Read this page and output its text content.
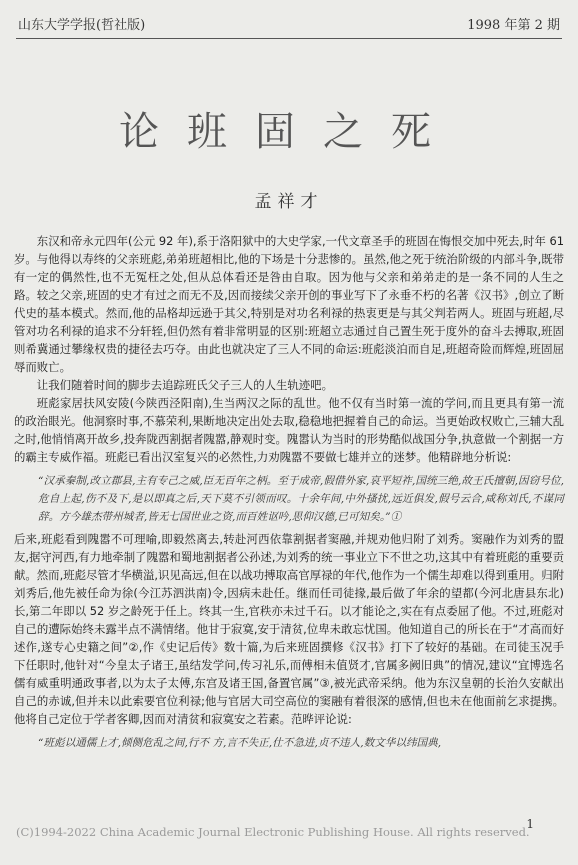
山东大学学报(哲社版)	1998 年第 2 期
论班固之死
孟祥才

东汉和帝永元四年(公元 92 年),系于洛阳狱中的大史学家,一代文章圣手的班固在悔恨交加中死去,时年 61 岁。与他得以寿终的父亲班彪,弟弟班超相比,他的下场是十分悲惨的。虽然,他之死于统治阶级的内部斗争,既带有一定的偶然性,也不无冤枉之处,但从总体看还是咎由自取。因为他与父亲和弟弟走的是一条不同的人生之路。较之父亲,班固的史才有过之而无不及,因而接续父亲开创的事业写下了永垂不朽的名著《汉书》,创立了断代史的基本模式。然而,他的品格却远逊于其父,特别是对功名利禄的热衷更是与其父判若两人。班固与班超,尽管对功名利禄的追求不分轩轾,但仍然有着非常明显的区别:班超立志通过自己置生死于度外的奋斗去搏取,班固则希冀通过攀缘权贵的捷径去巧夺。由此也就决定了三人不同的命运:班彪淡泊而自足,班超奇险而辉煌,班固屈辱而败亡。

让我们随着时间的脚步去追踪班氏父子三人的人生轨迹吧。

班彪家居扶风安陵(今陕西泾阳南),生当两汉之际的乱世。他不仅有当时第一流的学问,而且更具有第一流的政治眼光。他洞察时事,不慕荣利,果断地决定出处去取,稳稳地把握着自己的命运。当更始政权败亡,三辅大乱之时,他悄悄离开故乡,投奔陇西割据者隗嚣,静观时变。隗嚣认为当时的形势酷似战国分争,执意做一个割据一方的霸主专威作福。班彪已看出汉室复兴的必然性,力劝隗嚣不要做七雄并立的迷梦。他精辟地分析说:

“汉承秦制,改立郡县,主有专己之威,臣无百年之柄。至于成帝,假借外家,哀平短祚,国统三绝,故王氏擅朝,因窃号位,危自上起,伤不及下,是以即真之后,天下莫不引领而叹。十余年间,中外搔扰,远近俱发,假号云合,咸称刘氏,不谋同辞。方今雄杰带州城者,皆无七国世业之资,而百姓讴吟,思仰汉德,已可知矣。”①

后来,班彪看到隗嚣不可理喻,即毅然离去,转赴河西依靠割据者窦融,并规劝他归附了刘秀。窦融作为刘秀的盟友,据守河西,有力地牵制了隗嚣和蜀地割据者公孙述,为刘秀的统一事业立下不世之功,这其中有着班彪的重要贡献。然而,班彪尽管才华横溢,识见高远,但在以战功搏取高官厚禄的年代,他作为一个儒生却难以得到重用。归附刘秀后,他先被任命为徐(今江苏泗洪南)令,因病未赴任。继而任司徒掾,最后做了年余的望都(今河北唐县东北)长,第二年即以 52 岁之龄死于任上。终其一生,官秩亦未过千石。以才能论之,实在有点委屈了他。不过,班彪对自己的遭际始终未露半点不满情绪。他甘于寂寞,安于清贫,位卑未敢忘忧国。他知道自己的所长在于“才高而好述作,遂专心史籍之间”②,作《史记后传》数十篇,为后来班固撰修《汉书》打下了较好的基础。在司徒玉况手下任职时,他针对“今皇太子诸王,虽结发学问,传习礼乐,而傅相未值贤才,官属多阙旧典”的情况,建议“宜博选名儒有威重明通政事者,以为太子太傅,东宫及诸王国,备置官属”③,被光武帝采纳。他为东汉皇朝的长治久安献出自己的赤诚,但并未以此索要官位利禄;他与官居大司空高位的窦融有着很深的感情,但也未在他面前乞求提携。他将自己定位于学者客卿,因而对清贫和寂寞安之若素。范晔评论说:

“班彪以通儒上才,倾侧危乱之间,行不 方,言不失正,仕不急进,贞不违人,数文华以纬国典,
(C)1994-2022 China Academic Journal Electronic Publishing House. All rights reserved.
1
